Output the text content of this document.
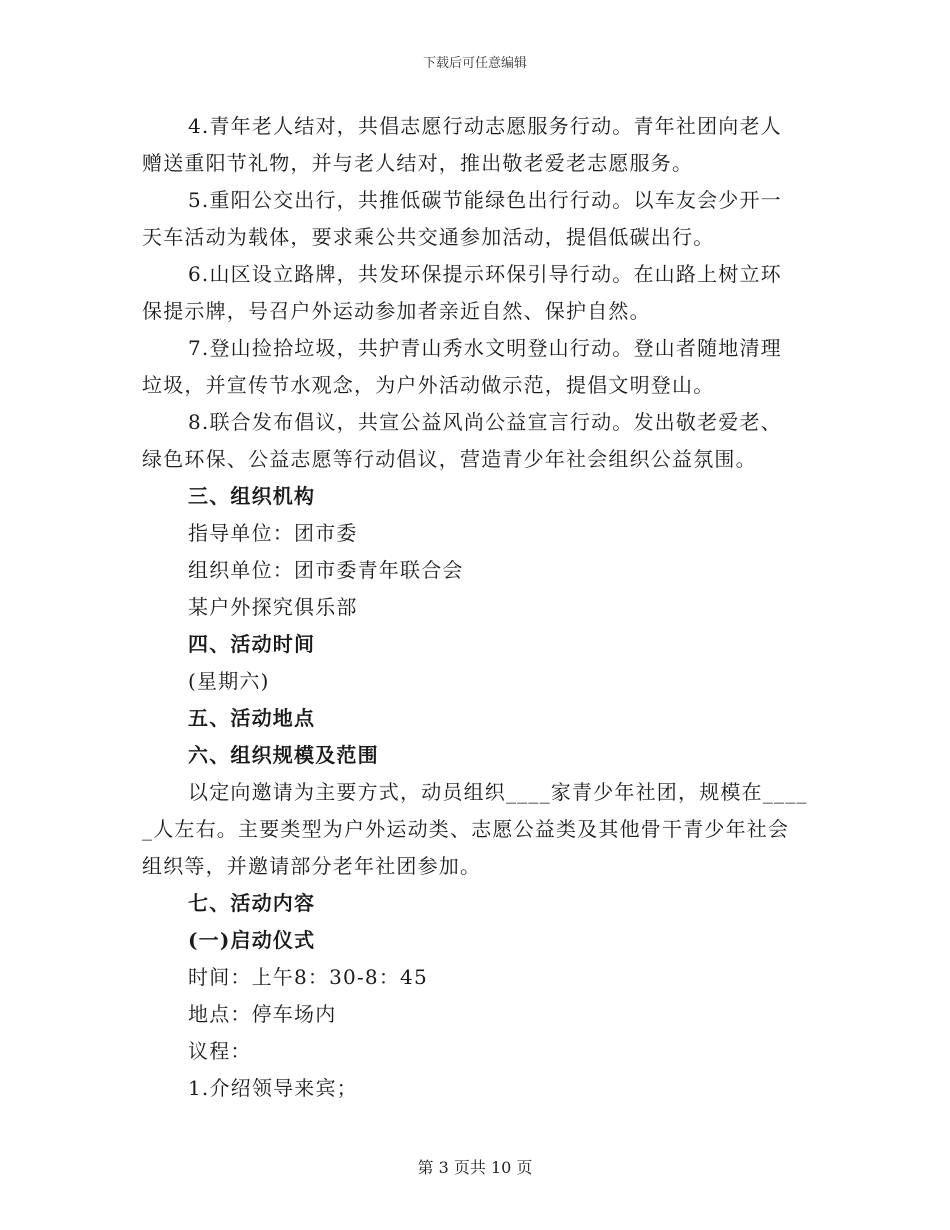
下载后可任意编辑
4.青年老人结对，共倡志愿行动志愿服务行动。青年社团向老人
赠送重阳节礼物，并与老人结对，推出敬老爱老志愿服务。
5.重阳公交出行，共推低碳节能绿色出行行动。以车友会少开一
天车活动为载体，要求乘公共交通参加活动，提倡低碳出行。
6.山区设立路牌，共发环保提示环保引导行动。在山路上树立环
保提示牌，号召户外运动参加者亲近自然、保护自然。
7.登山捡拾垃圾，共护青山秀水文明登山行动。登山者随地清理
垃圾，并宣传节水观念，为户外活动做示范，提倡文明登山。
8.联合发布倡议，共宣公益风尚公益宣言行动。发出敬老爱老、
绿色环保、公益志愿等行动倡议，营造青少年社会组织公益氛围。
三、组织机构
指导单位：团市委
组织单位：团市委青年联合会
某户外探究俱乐部
四、活动时间
(星期六)
五、活动地点
六、组织规模及范围
以定向邀请为主要方式，动员组织____家青少年社团，规模在____
_人左右。主要类型为户外运动类、志愿公益类及其他骨干青少年社会
组织等，并邀请部分老年社团参加。
七、活动内容
(一)启动仪式
时间：上午8：30-8：45
地点：停车场内
议程：
1.介绍领导来宾；
第 3 页共 10 页
